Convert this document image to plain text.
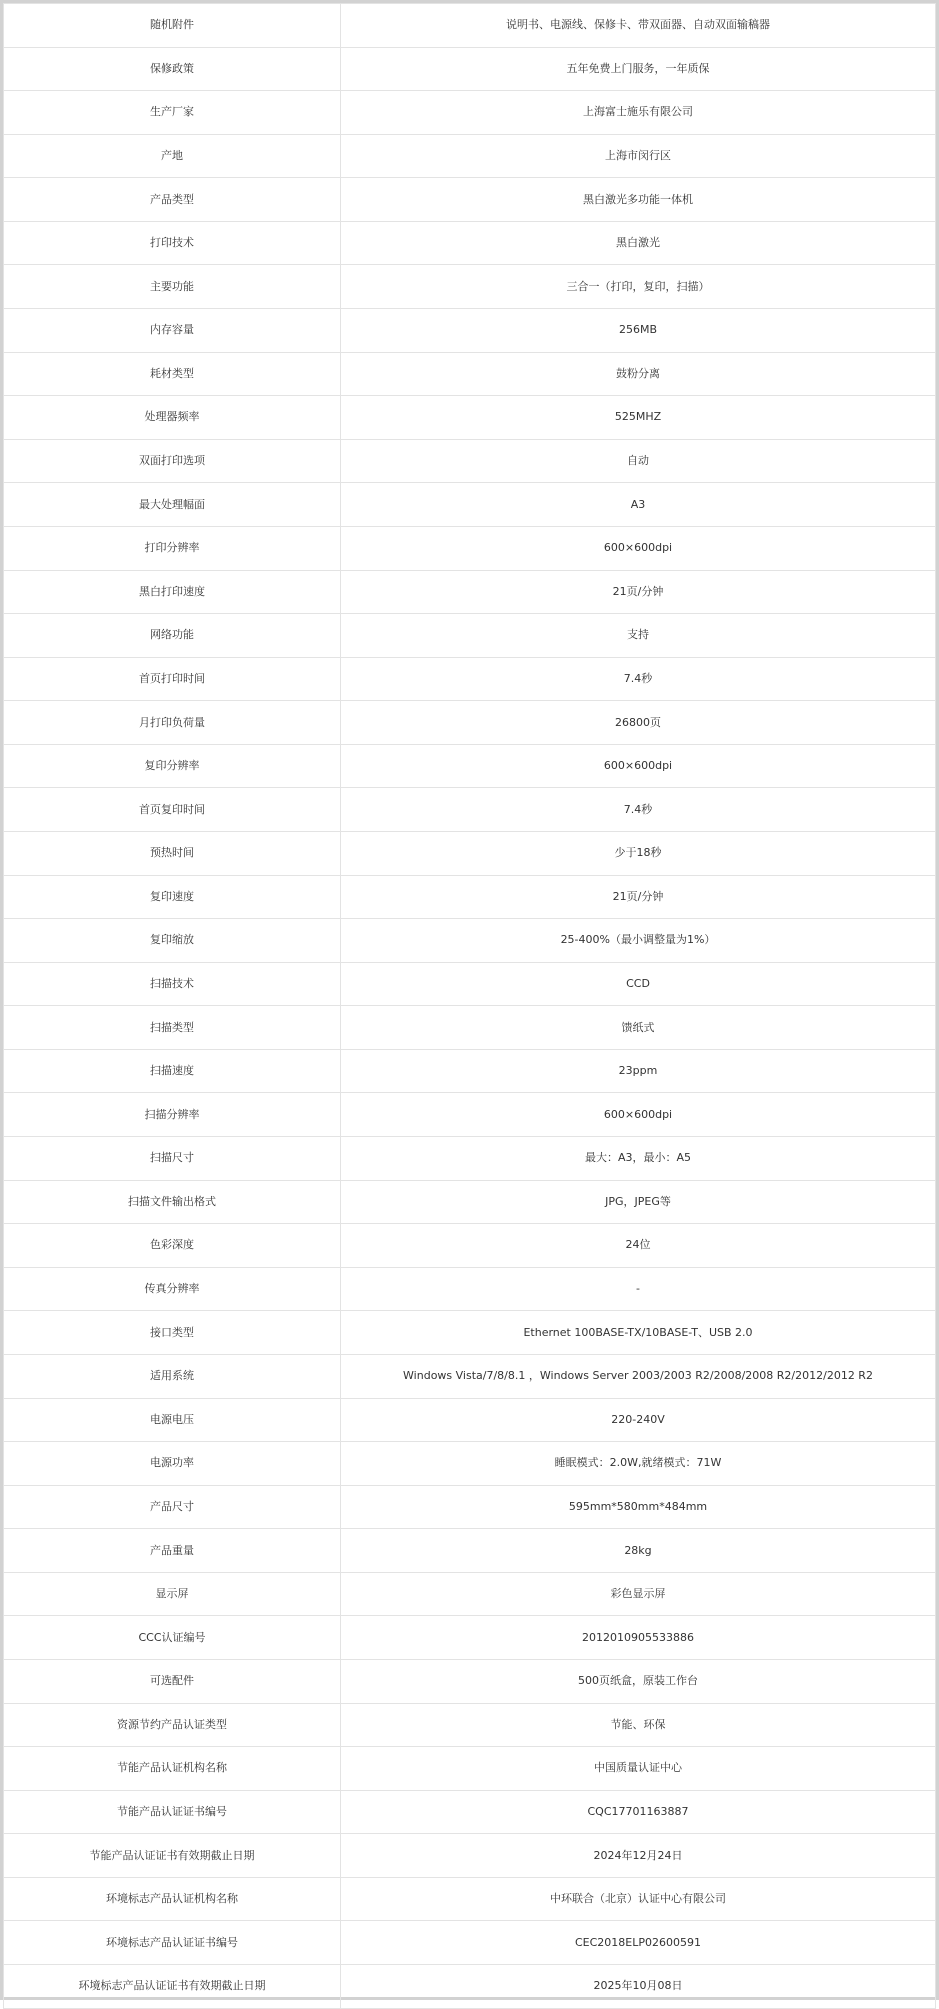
随机附件	说明书、电源线、保修卡、带双面器、自动双面输稿器
保修政策	五年免费上门服务，一年质保
生产厂家	上海富士施乐有限公司
产地	上海市闵行区
产品类型	黑白激光多功能一体机
打印技术	黑白激光
主要功能	三合一（打印，复印，扫描）
内存容量	256MB
耗材类型	鼓粉分离
处理器频率	525MHZ
双面打印选项	自动
最大处理幅面	A3
打印分辨率	600×600dpi
黑白打印速度	21页/分钟
网络功能	支持
首页打印时间	7.4秒
月打印负荷量	26800页
复印分辨率	600×600dpi
首页复印时间	7.4秒
预热时间	少于18秒
复印速度	21页/分钟
复印缩放	25-400%（最小调整量为1%）
扫描技术	CCD
扫描类型	馈纸式
扫描速度	23ppm
扫描分辨率	600×600dpi
扫描尺寸	最大：A3，最小：A5
扫描文件输出格式	JPG，JPEG等
色彩深度	24位
传真分辨率	-
接口类型	Ethernet 100BASE-TX/10BASE-T、USB 2.0
适用系统	Windows Vista/7/8/8.1 ，Windows Server 2003/2003 R2/2008/2008 R2/2012/2012 R2
电源电压	220-240V
电源功率	睡眠模式：2.0W,就绪模式：71W
产品尺寸	595mm*580mm*484mm
产品重量	28kg
显示屏	彩色显示屏
CCC认证编号	2012010905533886
可选配件	500页纸盒，原装工作台
资源节约产品认证类型	节能、环保
节能产品认证机构名称	中国质量认证中心
节能产品认证证书编号	CQC17701163887
节能产品认证证书有效期截止日期	2024年12月24日
环境标志产品认证机构名称	中环联合（北京）认证中心有限公司
环境标志产品认证证书编号	CEC2018ELP02600591
环境标志产品认证证书有效期截止日期	2025年10月08日
